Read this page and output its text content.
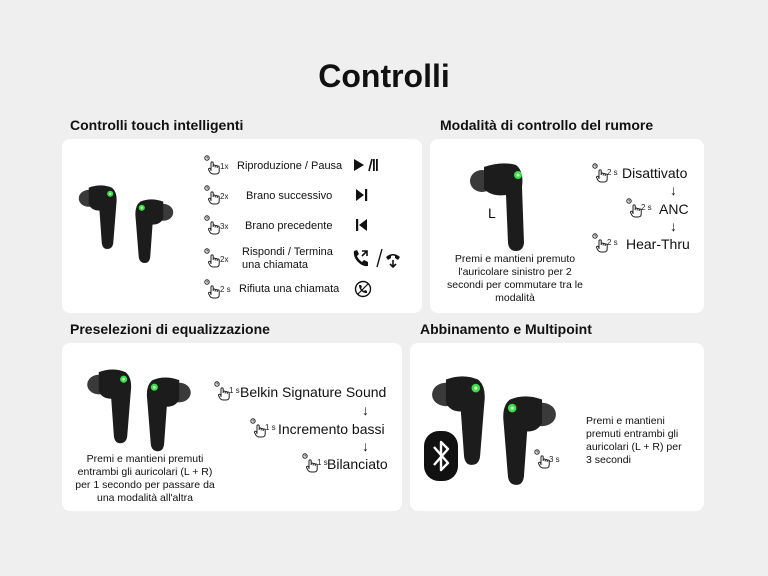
Controlli
Controlli touch intelligenti
1x Riproduzione / Pausa
2x Brano successivo
3x Brano precedente
2x
Rispondi / Termina una chiamata
2 s Rifiuta una chiamata
Modalità di controllo del rumore
L
Premi e mantieni premuto l'auricolare sinistro per 2 secondi per commutare tra le modalità
2 s Disattivato
↓
2 s ANC
↓
2 s Hear-Thru
Preselezioni di equalizzazione
Premi e mantieni premuti entrambi gli auricolari (L + R) per 1 secondo per passare da una modalità all'altra
1 s Belkin Signature Sound
↓
1 s Incremento bassi
↓
1 s Bilanciato
Abbinamento e Multipoint
3 s
Premi e mantieni premuti entrambi gli auricolari (L + R) per 3 secondi
